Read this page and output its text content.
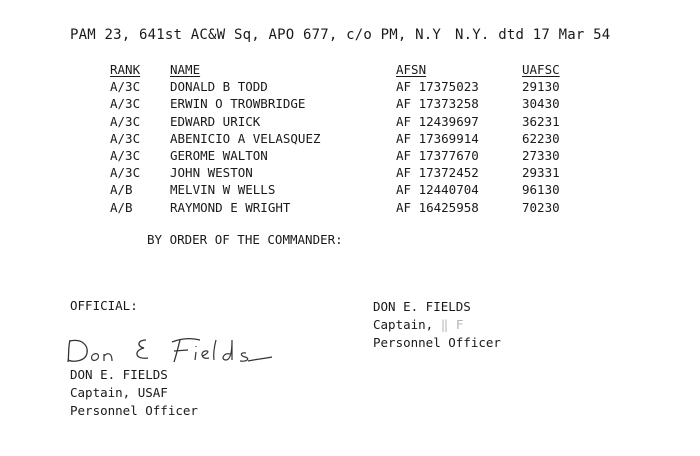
PAM 23, 641st AC&W Sq, APO 677, c/o PM, N.Y N.Y. dtd 17 Mar 54
RANK NAME	AFSN	UAFSC
A/3C DONALD B TODD	AF 17375023	29130
A/3C ERWIN O TROWBRIDGE	AF 17373258	30430
A/3C EDWARD URICK	AF 12439697	36231
A/3C ABENICIO A VELASQUEZ	AF 17369914	62230
A/3C GEROME WALTON	AF 17377670	27330
A/3C JOHN WESTON	AF 17372452	29331
A/B	MELVIN W WELLS	AF 12440704	96130
A/B	RAYMOND E WRIGHT	AF 16425958	70230
BY ORDER OF THE COMMANDER:
OFFICIAL:	DON E. FIELDS
Captain, ‖ F
Personnel Officer
DON E. FIELDS
Captain, USAF
Personnel Officer
